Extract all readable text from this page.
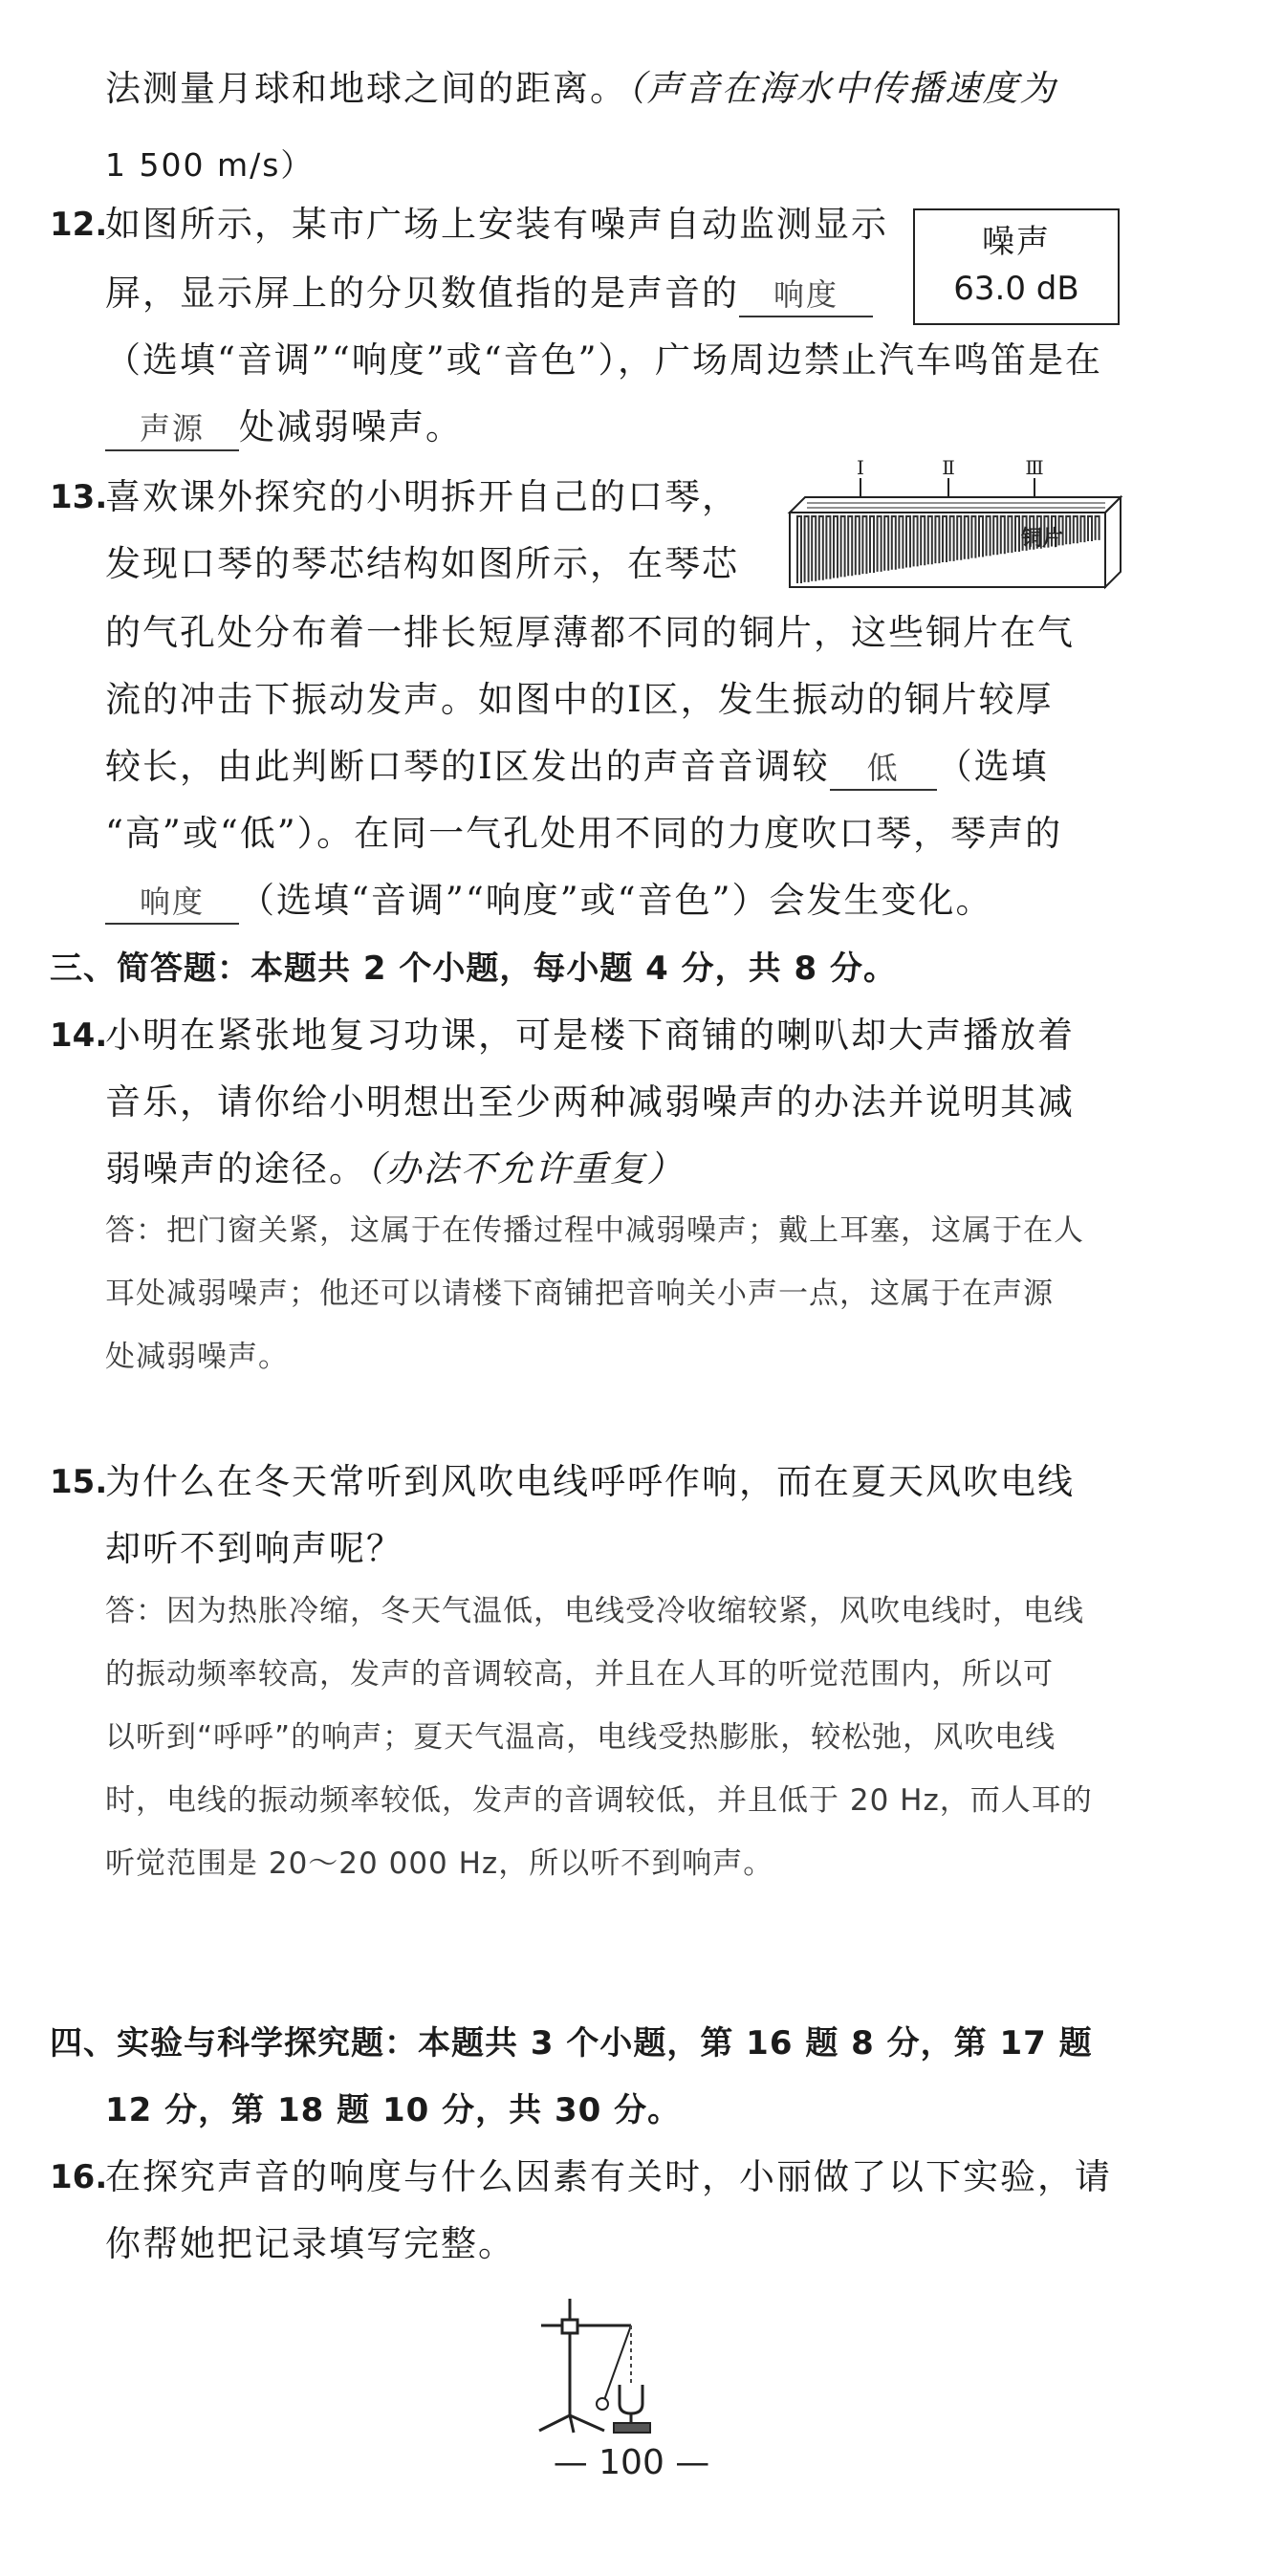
法测量月球和地球之间的距离。（声音在海水中传播速度为
1 500 m/s）
12.
如图所示，某市广场上安装有噪声自动监测显示
屏，显示屏上的分贝数值指的是声音的 响度
（选填“音调”“响度”或“音色”），广场周边禁止汽车鸣笛是在
声源 处减弱噪声。
噪声
63.0 dB
13.
喜欢课外探究的小明拆开自己的口琴，
发现口琴的琴芯结构如图所示，在琴芯
的气孔处分布着一排长短厚薄都不同的铜片，这些铜片在气
流的冲击下振动发声。如图中的Ⅰ区，发生振动的铜片较厚
较长，由此判断口琴的Ⅰ区发出的声音音调较 低 （选填
“高”或“低”）。在同一气孔处用不同的力度吹口琴，琴声的
响度 （选填“音调”“响度”或“音色”）会发生变化。
Ⅰ	Ⅱ	Ⅲ
铜片
三、简答题：本题共 2 个小题，每小题 4 分，共 8 分。
14.
小明在紧张地复习功课，可是楼下商铺的喇叭却大声播放着
音乐，请你给小明想出至少两种减弱噪声的办法并说明其减
弱噪声的途径。（办法不允许重复）
答：把门窗关紧，这属于在传播过程中减弱噪声；戴上耳塞，这属于在人
耳处减弱噪声；他还可以请楼下商铺把音响关小声一点，这属于在声源
处减弱噪声。
15.
为什么在冬天常听到风吹电线呼呼作响，而在夏天风吹电线
却听不到响声呢？
答：因为热胀冷缩，冬天气温低，电线受冷收缩较紧，风吹电线时，电线
的振动频率较高，发声的音调较高，并且在人耳的听觉范围内，所以可
以听到“呼呼”的响声；夏天气温高，电线受热膨胀，较松弛，风吹电线
时，电线的振动频率较低，发声的音调较低，并且低于 20 Hz，而人耳的
听觉范围是 20～20 000 Hz，所以听不到响声。
四、实验与科学探究题：本题共 3 个小题，第 16 题 8 分，第 17 题
12 分，第 18 题 10 分，共 30 分。
16.
在探究声音的响度与什么因素有关时，小丽做了以下实验，请
你帮她把记录填写完整。
— 100 —
